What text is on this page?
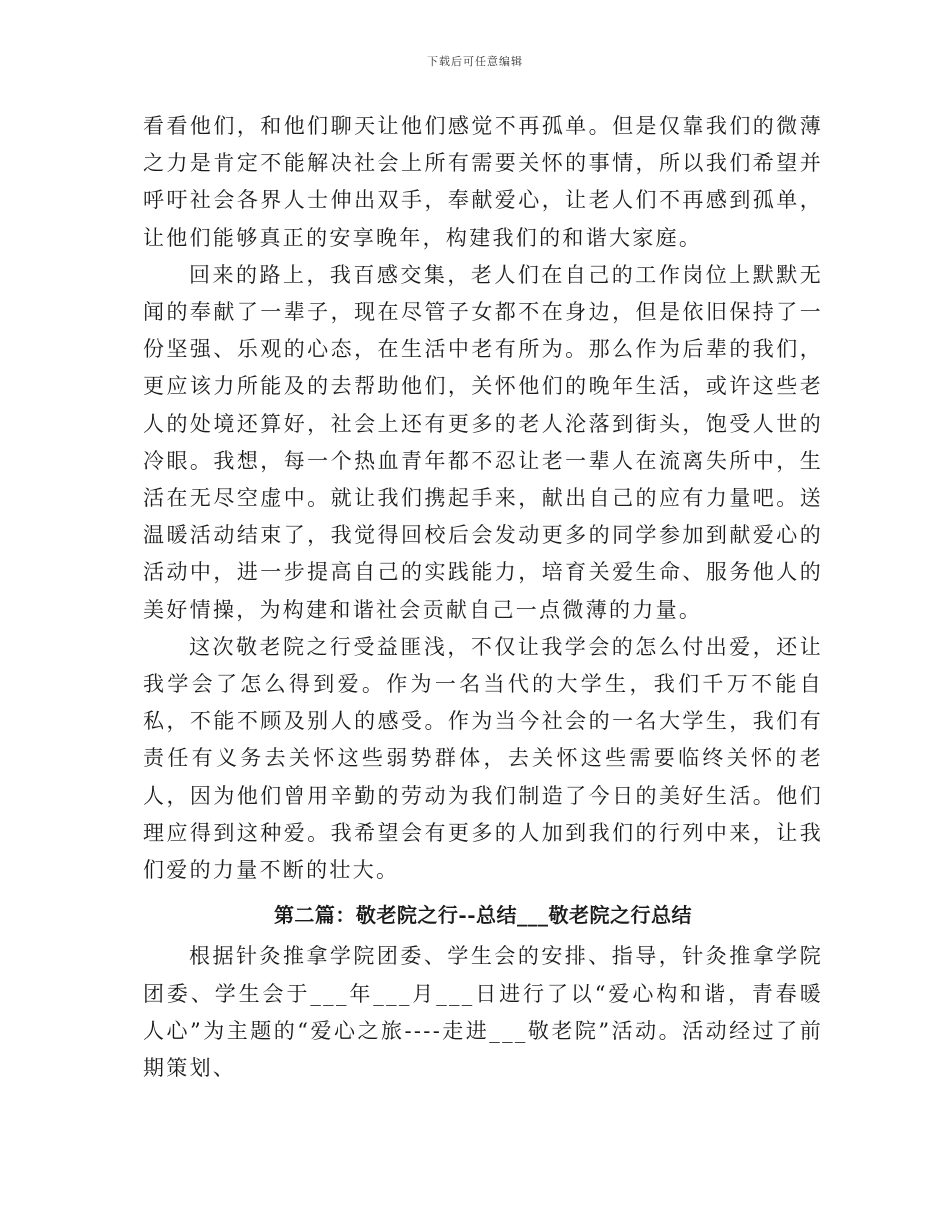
下载后可任意编辑

看看他们，和他们聊天让他们感觉不再孤单。但是仅靠我们的微薄之力是肯定不能解决社会上所有需要关怀的事情，所以我们希望并呼吁社会各界人士伸出双手，奉献爱心，让老人们不再感到孤单，让他们能够真正的安享晚年，构建我们的和谐大家庭。

回来的路上，我百感交集，老人们在自己的工作岗位上默默无闻的奉献了一辈子，现在尽管子女都不在身边，但是依旧保持了一份坚强、乐观的心态，在生活中老有所为。那么作为后辈的我们，更应该力所能及的去帮助他们，关怀他们的晚年生活，或许这些老人的处境还算好，社会上还有更多的老人沦落到街头，饱受人世的冷眼。我想，每一个热血青年都不忍让老一辈人在流离失所中，生活在无尽空虚中。就让我们携起手来，献出自己的应有力量吧。送温暖活动结束了，我觉得回校后会发动更多的同学参加到献爱心的活动中，进一步提高自己的实践能力，培育关爱生命、服务他人的美好情操，为构建和谐社会贡献自己一点微薄的力量。

这次敬老院之行受益匪浅，不仅让我学会的怎么付出爱，还让我学会了怎么得到爱。作为一名当代的大学生，我们千万不能自私，不能不顾及别人的感受。作为当今社会的一名大学生，我们有责任有义务去关怀这些弱势群体，去关怀这些需要临终关怀的老人，因为他们曾用辛勤的劳动为我们制造了今日的美好生活。他们理应得到这种爱。我希望会有更多的人加到我们的行列中来，让我们爱的力量不断的壮大。

第二篇：敬老院之行--总结___敬老院之行总结

根据针灸推拿学院团委、学生会的安排、指导，针灸推拿学院团委、学生会于___年___月___日进行了以“爱心构和谐，青春暖人心”为主题的“爱心之旅----走进___敬老院”活动。活动经过了前期策划、
